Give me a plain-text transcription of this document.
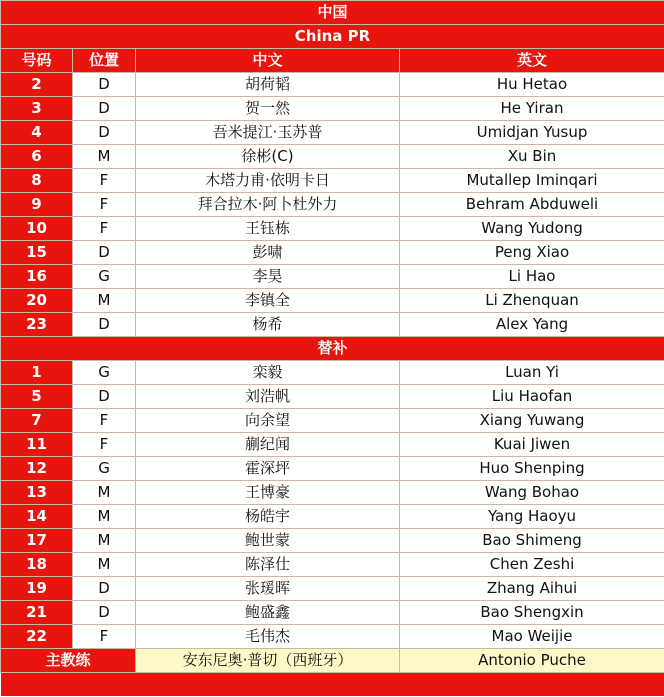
中国			
China PR			
号码	位置	中文	英文
2	D	胡荷韬	Hu Hetao
3	D	贺一然	He Yiran
4	D	吾米提江·玉苏普	Umidjan Yusup
6	M	徐彬(C)	Xu Bin
8	F	木塔力甫·依明卡日	Mutallep Iminqari
9	F	拜合拉木·阿卜杜外力	Behram Abduweli
10	F	王钰栋	Wang Yudong
15	D	彭啸	Peng Xiao
16	G	李昊	Li Hao
20	M	李镇全	Li Zhenquan
23	D	杨希	Alex Yang
替补			
1	G	栾毅	Luan Yi
5	D	刘浩帆	Liu Haofan
7	F	向余望	Xiang Yuwang
11	F	蒯纪闻	Kuai Jiwen
12	G	霍深坪	Huo Shenping
13	M	王博豪	Wang Bohao
14	M	杨皓宇	Yang Haoyu
17	M	鲍世蒙	Bao Shimeng
18	M	陈泽仕	Chen Zeshi
19	D	张瑗晖	Zhang Aihui
21	D	鲍盛鑫	Bao Shengxin
22	F	毛伟杰	Mao Weijie
主教练		安东尼奥·普切（西班牙）	Antonio Puche
